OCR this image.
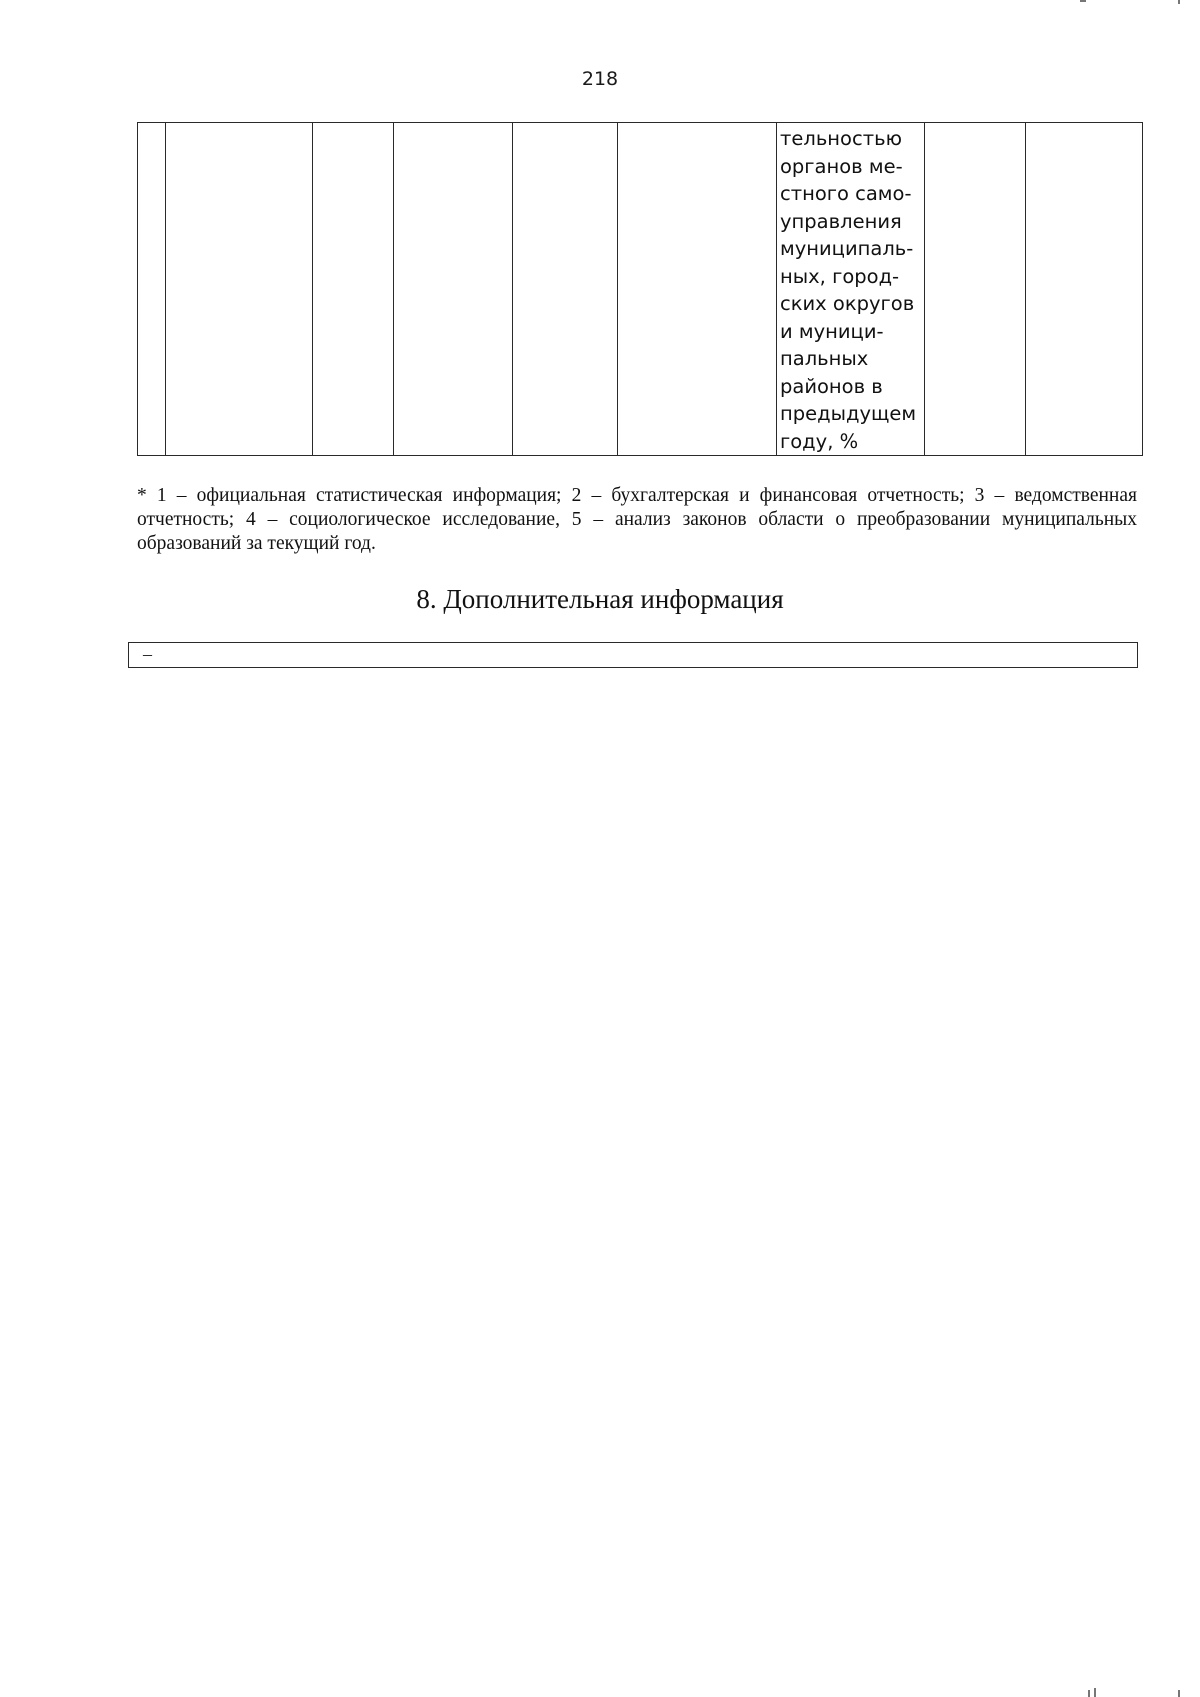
218

тельностью
органов ме-
стного само-
управления
муниципаль-
ных, город-
ских округов
и муници-
пальных
районов в
предыдущем
году, %

* 1 – официальная статистическая информация; 2 – бухгалтерская и финансовая отчетность; 3 – ведомственная отчетность; 4 – социологическое исследование, 5 – анализ законов области о преобразовании муниципальных образований за текущий год.
8. Дополнительная информация
–
